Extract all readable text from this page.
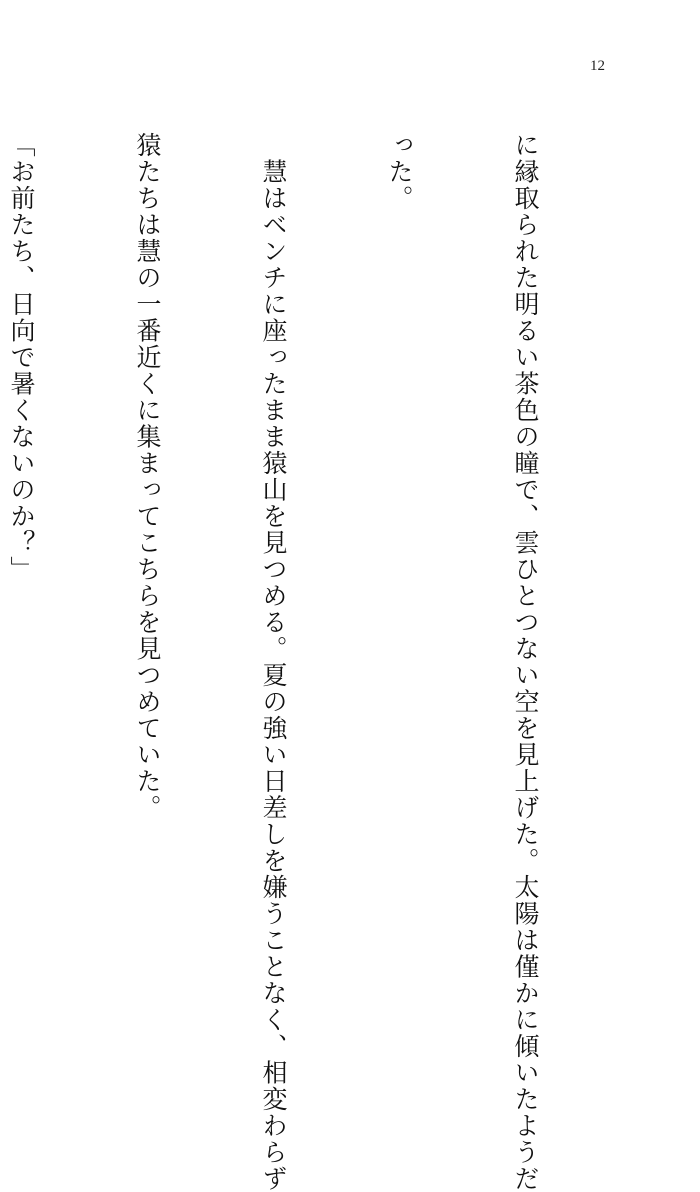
12

に縁取られた明るい茶色の瞳で、雲ひとつない空を見上げた。太陽は僅かに傾いたようだ

った。

　慧はベンチに座ったまま猿山を見つめる。夏の強い日差しを嫌うことなく、相変わらず

猿たちは慧の一番近くに集まってこちらを見つめていた。

「お前たち、日向で暑くないのか？」
